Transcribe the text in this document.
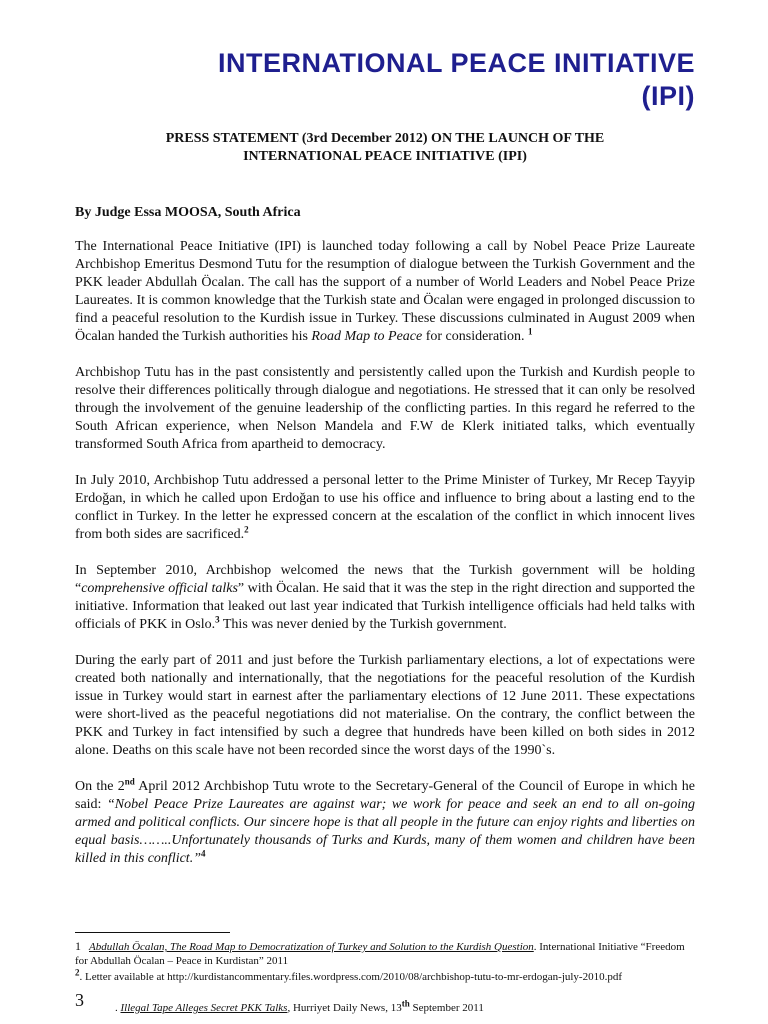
INTERNATIONAL PEACE INITIATIVE
(IPI)

PRESS STATEMENT (3rd December 2012) ON THE LAUNCH OF THE
INTERNATIONAL PEACE INITIATIVE (IPI)

By Judge Essa MOOSA, South Africa

The International Peace Initiative (IPI) is launched today following a call by Nobel Peace Prize Laureate Archbishop Emeritus Desmond Tutu for the resumption of dialogue between the Turkish Government and the PKK leader Abdullah Öcalan. The call has the support of a number of World Leaders and Nobel Peace Prize Laureates. It is common knowledge that the Turkish state and Öcalan were engaged in prolonged discussion to find a peaceful resolution to the Kurdish issue in Turkey. These discussions culminated in August 2009 when Öcalan handed the Turkish authorities his Road Map to Peace for consideration. $^1$

Archbishop Tutu has in the past consistently and persistently called upon the Turkish and Kurdish people to resolve their differences politically through dialogue and negotiations. He stressed that it can only be resolved through the involvement of the genuine leadership of the conflicting parties. In this regard he referred to the South African experience, when Nelson Mandela and F.W de Klerk initiated talks, which eventually transformed South Africa from apartheid to democracy.

In July 2010, Archbishop Tutu addressed a personal letter to the Prime Minister of Turkey, Mr Recep Tayyip Erdoğan, in which he called upon Erdoğan to use his office and influence to bring about a lasting end to the conflict in Turkey. In the letter he expressed concern at the escalation of the conflict in which innocent lives from both sides are sacrificed.$^2$

In September 2010, Archbishop welcomed the news that the Turkish government will be holding “comprehensive official talks” with Öcalan. He said that it was the step in the right direction and supported the initiative. Information that leaked out last year indicated that Turkish intelligence officials had held talks with officials of PKK in Oslo.$^3$ This was never denied by the Turkish government.

During the early part of 2011 and just before the Turkish parliamentary elections, a lot of expectations were created both nationally and internationally, that the negotiations for the peaceful resolution of the Kurdish issue in Turkey would start in earnest after the parliamentary elections of 12 June 2011. These expectations were short-lived as the peaceful negotiations did not materialise. On the contrary, the conflict between the PKK and Turkey in fact intensified by such a degree that hundreds have been killed on both sides in 2012 alone. Deaths on this scale have not been recorded since the worst days of the 1990`s.

On the 2nd April 2012 Archbishop Tutu wrote to the Secretary-General of the Council of Europe in which he said: “Nobel Peace Prize Laureates are against war; we work for peace and seek an end to all on-going armed and political conflicts. Our sincere hope is that all people in the future can enjoy rights and liberties on equal basis……..Unfortunately thousands of Turks and Kurds, many of them women and children have been killed in this conflict.”$^4$

1 Abdullah Öcalan, The Road Map to Democratization of Turkey and Solution to the Kurdish Question. International Initiative “Freedom for Abdullah Öcalan – Peace in Kurdistan” 2011

$^2$. Letter available at http://kurdistancommentary.files.wordpress.com/2010/08/archbishop-tutu-to-mr-erdogan-july-2010.pdf

3	. Illegal Tape Alleges Secret PKK Talks, Hurriyet Daily News, 13th September 2011
